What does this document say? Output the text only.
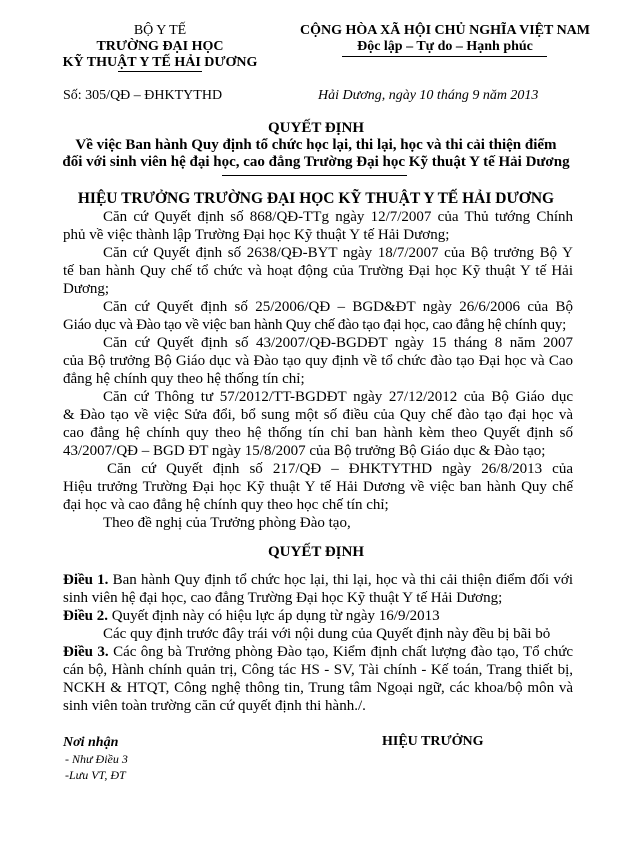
BỘ Y TẾ
TRƯỜNG ĐẠI HỌC
KỸ THUẬT Y TẾ HẢI DƯƠNG
CỘNG HÒA XÃ HỘI CHỦ NGHĨA VIỆT NAM
Độc lập – Tự do – Hạnh phúc
Số: 305/QĐ – ĐHKTYTHD	Hải Dương, ngày 10 tháng 9 năm 2013
QUYẾT ĐỊNH
Về việc Ban hành Quy định tổ chức học lại, thi lại, học và thi cải thiện điểm
đối với sinh viên hệ đại học, cao đẳng Trường Đại học Kỹ thuật Y tế Hải Dương
HIỆU TRƯỞNG TRƯỜNG ĐẠI HỌC KỸ THUẬT Y TẾ HẢI DƯƠNG
Căn cứ Quyết định số 868/QĐ-TTg ngày 12/7/2007 của Thủ tướng Chính
phủ về việc thành lập Trường Đại học Kỹ thuật Y tế Hải Dương;
Căn cứ Quyết định số 2638/QĐ-BYT ngày 18/7/2007 của Bộ trưởng Bộ Y
tế ban hành Quy chế tổ chức và hoạt động của Trường Đại học Kỹ thuật Y tế Hải
Dương;
Căn cứ Quyết định số 25/2006/QĐ – BGD&ĐT ngày 26/6/2006 của Bộ
Giáo dục và Đào tạo về việc ban hành Quy chế đào tạo đại học, cao đẳng hệ chính quy;
Căn cứ Quyết định số 43/2007/QĐ-BGDĐT ngày 15 tháng 8 năm 2007
của Bộ trưởng Bộ Giáo dục và Đào tạo quy định về tổ chức đào tạo Đại học và Cao
đẳng hệ chính quy theo hệ thống tín chỉ;
Căn cứ Thông tư 57/2012/TT-BGDĐT ngày 27/12/2012 của Bộ Giáo dục
& Đào tạo về việc Sửa đổi, bổ sung một số điều của Quy chế đào tạo đại học và
cao đẳng hệ chính quy theo hệ thống tín chỉ ban hành kèm theo Quyết định số
43/2007/QĐ – BGD ĐT ngày 15/8/2007 của Bộ trưởng Bộ Giáo dục & Đào tạo;
Căn cứ Quyết định số 217/QĐ – ĐHKTYTHD ngày 26/8/2013 của
Hiệu trưởng Trường Đại học Kỹ thuật Y tế Hải Dương về việc ban hành Quy chế
đại học và cao đẳng hệ chính quy theo học chế tín chỉ;
Theo đề nghị của Trưởng phòng Đào tạo,
QUYẾT ĐỊNH
Điều 1. Ban hành Quy định tổ chức học lại, thi lại, học và thi cải thiện điểm đối với
sinh viên hệ đại học, cao đẳng Trường Đại học Kỹ thuật Y tế Hải Dương;
Điều 2. Quyết định này có hiệu lực áp dụng từ ngày 16/9/2013
Các quy định trước đây trái với nội dung của Quyết định này đều bị bãi bỏ
Điều 3. Các ông bà Trưởng phòng Đào tạo, Kiểm định chất lượng đào tạo, Tổ chức
cán bộ, Hành chính quản trị, Công tác HS - SV, Tài chính - Kế toán, Trang thiết bị,
NCKH & HTQT, Công nghệ thông tin, Trung tâm Ngoại ngữ, các khoa/bộ môn và
sinh viên toàn trường căn cứ quyết định thi hành./.
Nơi nhận
- Như Điều 3
-Lưu VT, ĐT
HIỆU TRƯỞNG
